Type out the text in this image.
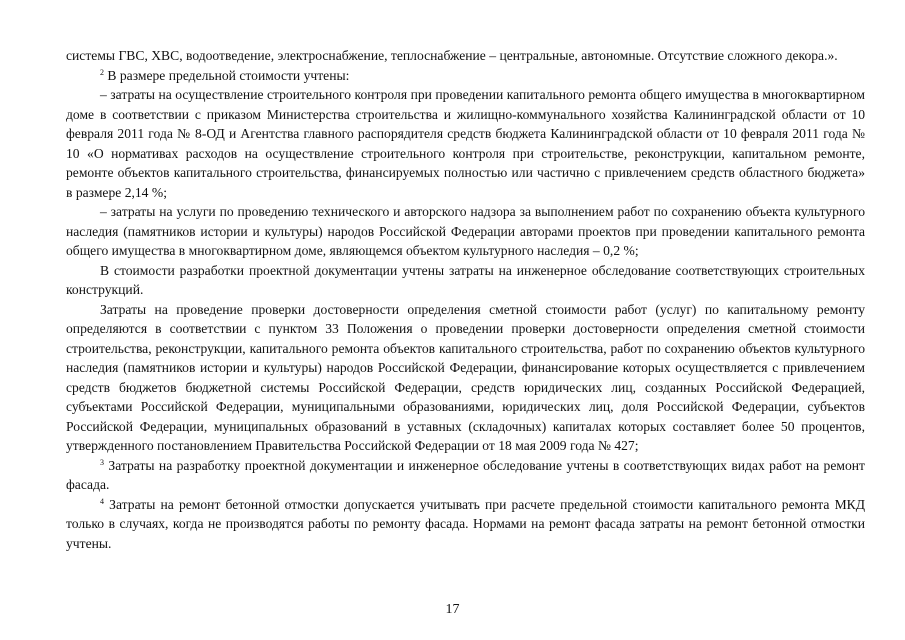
системы ГВС, ХВС, водоотведение, электроснабжение, теплоснабжение – центральные, автономные. Отсутствие сложного декора.».

$^2$ В размере предельной стоимости учтены:

– затраты на осуществление строительного контроля при проведении капитального ремонта общего имущества в многоквартирном доме в соответствии с приказом Министерства строительства и жилищно-коммунального хозяйства Калининградской области от 10 февраля 2011 года № 8-ОД и Агентства главного распорядителя средств бюджета Калининградской области от 10 февраля 2011 года № 10 «О нормативах расходов на осуществление строительного контроля при строительстве, реконструкции, капитальном ремонте, ремонте объектов капитального строительства, финансируемых полностью или частично с привлечением средств областного бюджета» в размере 2,14 %;

– затраты на услуги по проведению технического и авторского надзора за выполнением работ по сохранению объекта культурного наследия (памятников истории и культуры) народов Российской Федерации авторами проектов при проведении капитального ремонта общего имущества в многоквартирном доме, являющемся объектом культурного наследия – 0,2 %;

В стоимости разработки проектной документации учтены затраты на инженерное обследование соответствующих строительных конструкций.

Затраты на проведение проверки достоверности определения сметной стоимости работ (услуг) по капитальному ремонту определяются в соответствии с пунктом 33 Положения о проведении проверки достоверности определения сметной стоимости строительства, реконструкции, капитального ремонта объектов капитального строительства, работ по сохранению объектов культурного наследия (памятников истории и культуры) народов Российской Федерации, финансирование которых осуществляется с привлечением средств бюджетов бюджетной системы Российской Федерации, средств юридических лиц, созданных Российской Федерацией, субъектами Российской Федерации, муниципальными образованиями, юридических лиц, доля Российской Федерации, субъектов Российской Федерации, муниципальных образований в уставных (складочных) капиталах которых составляет более 50 процентов, утвержденного постановлением Правительства Российской Федерации от 18 мая 2009 года № 427;

$^3$ Затраты на разработку проектной документации и инженерное обследование учтены в соответствующих видах работ на ремонт фасада.

$^4$ Затраты на ремонт бетонной отмостки допускается учитывать при расчете предельной стоимости капитального ремонта МКД только в случаях, когда не производятся работы по ремонту фасада. Нормами на ремонт фасада затраты на ремонт бетонной отмостки учтены.

17
